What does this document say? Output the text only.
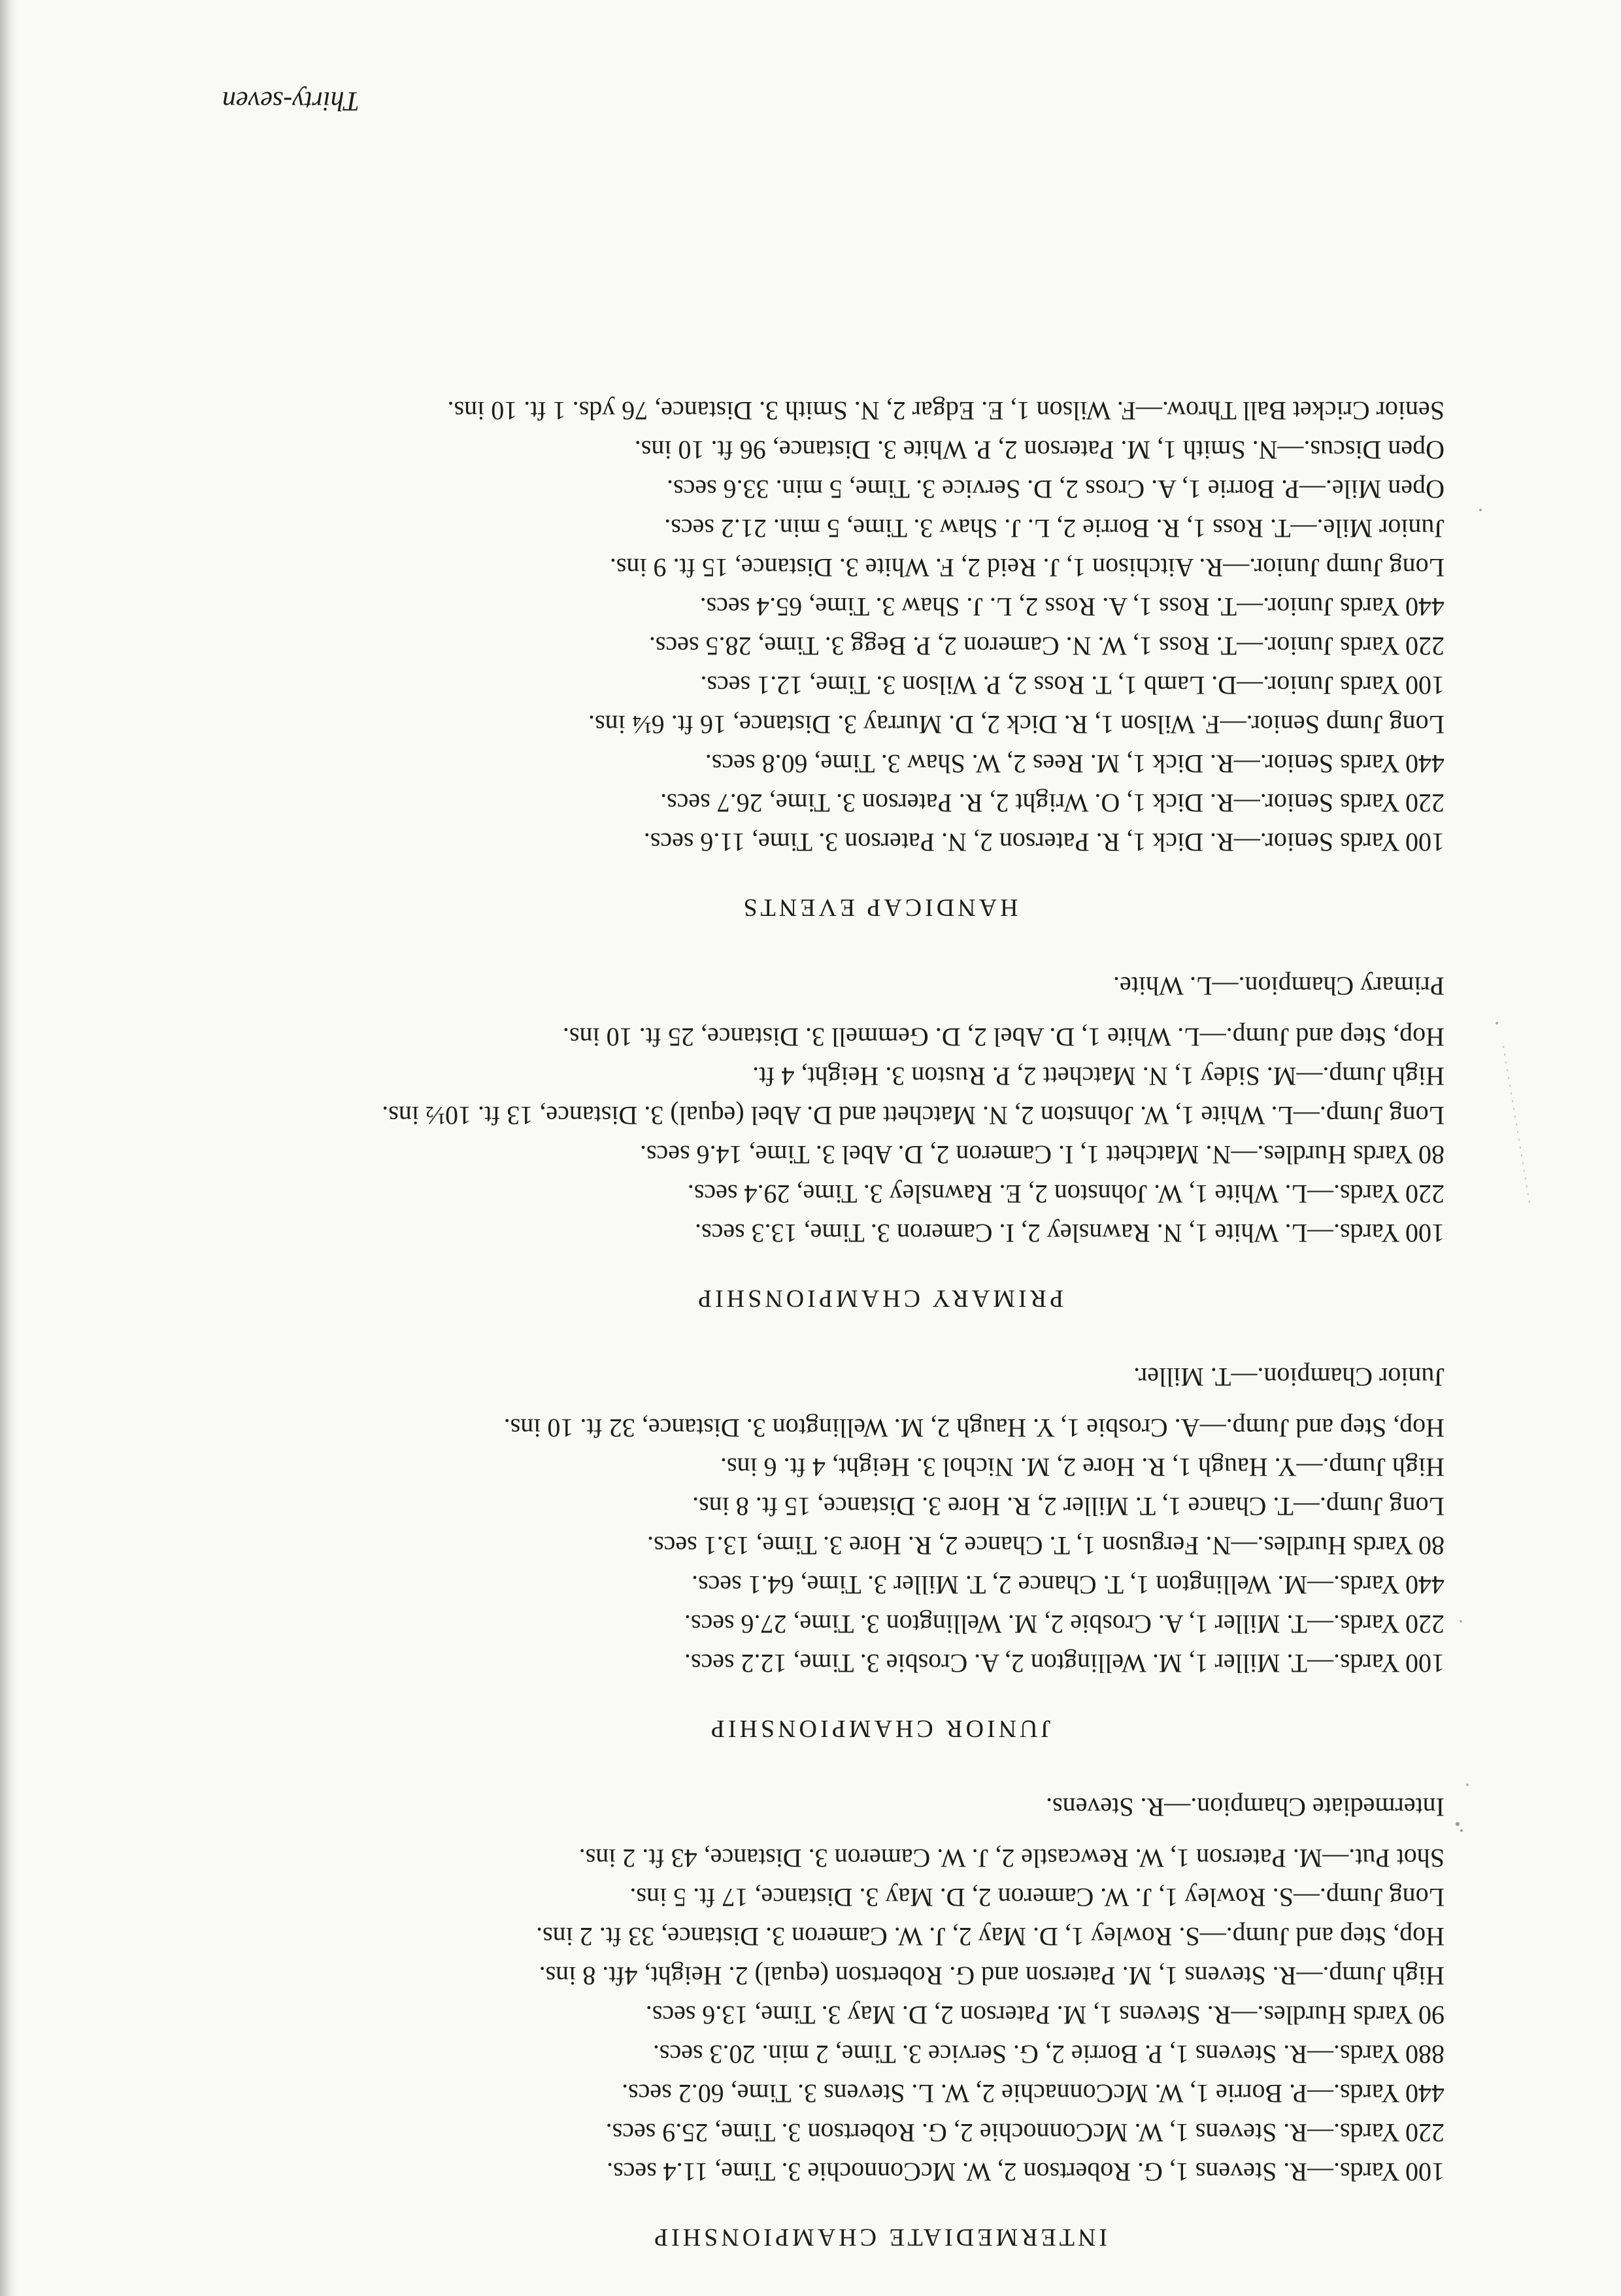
INTERMEDIATE CHAMPIONSHIP

100 Yards.—R. Stevens 1, G. Robertson 2, W. McConnochie 3. Time, 11.4 secs.

220 Yards.—R. Stevens 1, W. McConnochie 2, G. Robertson 3. Time, 25.9 secs.

440 Yards.—P. Borrie 1, W. McConnachie 2, W. L. Stevens 3. Time, 60.2 secs.

880 Yards.—R. Stevens 1, P. Borrie 2, G. Service 3. Time, 2 min. 20.3 secs.

90 Yards Hurdles.—R. Stevens 1, M. Paterson 2, D. May 3. Time, 13.6 secs.

High Jump.—R. Stevens 1, M. Paterson and G. Robertson (equal) 2. Height, 4ft. 8 ins.

Hop, Step and Jump.—S. Rowley 1, D. May 2, J. W. Cameron 3. Distance, 33 ft. 2 ins.

Long Jump.—S. Rowley 1, J. W. Cameron 2, D. May 3. Distance, 17 ft. 5 ins.

Shot Put.—M. Paterson 1, W. Rewcastle 2, J. W. Cameron 3. Distance, 43 ft. 2 ins.

Intermediate Champion.—R. Stevens.

JUNIOR CHAMPIONSHIP

100 Yards.—T. Miller 1, M. Wellington 2, A. Crosbie 3. Time, 12.2 secs.

220 Yards.—T. Miller 1, A. Crosbie 2, M. Wellington 3. Time, 27.6 secs.

440 Yards.—M. Wellington 1, T. Chance 2, T. Miller 3. Time, 64.1 secs.

80 Yards Hurdles.—N. Ferguson 1, T. Chance 2, R. Hore 3. Time, 13.1 secs.

Long Jump.—T. Chance 1, T. Miller 2, R. Hore 3. Distance, 15 ft. 8 ins.

High Jump.—Y. Haugh 1, R. Hore 2, M. Nichol 3. Height, 4 ft. 6 ins.

Hop, Step and Jump.—A. Crosbie 1, Y. Haugh 2, M. Wellington 3. Distance, 32 ft. 10 ins.

Junior Champion.—T. Miller.

PRIMARY CHAMPIONSHIP

100 Yards.—L. White 1, N. Rawnsley 2, I. Cameron 3. Time, 13.3 secs.

220 Yards.—L. White 1, W. Johnston 2, E. Rawnsley 3. Time, 29.4 secs.

80 Yards Hurdles.—N. Matchett 1, I. Cameron 2, D. Abel 3. Time, 14.6 secs.

Long Jump.—L. White 1, W. Johnston 2, N. Matchett and D. Abel (equal) 3. Distance, 13 ft. 10½ ins.

High Jump.—M. Sidey 1, N. Matchett 2, P. Ruston 3. Height, 4 ft.

Hop, Step and Jump.—L. White 1, D. Abel 2, D. Gemmell 3. Distance, 25 ft. 10 ins.

Primary Champion.—L. White.

HANDICAP EVENTS

100 Yards Senior.—R. Dick 1, R. Paterson 2, N. Paterson 3. Time, 11.6 secs.

220 Yards Senior.—R. Dick 1, O. Wright 2, R. Paterson 3. Time, 26.7 secs.

440 Yards Senior.—R. Dick 1, M. Rees 2, W. Shaw 3. Time, 60.8 secs.

Long Jump Senior.—F. Wilson 1, R. Dick 2, D. Murray 3. Distance, 16 ft. 6¼ ins.

100 Yards Junior.—D. Lamb 1, T. Ross 2, P. Wilson 3. Time, 12.1 secs.

220 Yards Junior.—T. Ross 1, W. N. Cameron 2, P. Begg 3. Time, 28.5 secs.

440 Yards Junior.—T. Ross 1, A. Ross 2, L. J. Shaw 3. Time, 65.4 secs.

Long Jump Junior.—R. Aitchison 1, J. Reid 2, F. White 3. Distance, 15 ft. 9 ins.

Junior Mile.—T. Ross 1, R. Borrie 2, L. J. Shaw 3. Time, 5 min. 21.2 secs.

Open Mile.—P. Borrie 1, A. Cross 2, D. Service 3. Time, 5 min. 33.6 secs.

Open Discus.—N. Smith 1, M. Paterson 2, P. White 3. Distance, 96 ft. 10 ins.

Senior Cricket Ball Throw.—F. Wilson 1, E. Edgar 2, N. Smith 3. Distance, 76 yds. 1 ft. 10 ins.

Thirty-seven
